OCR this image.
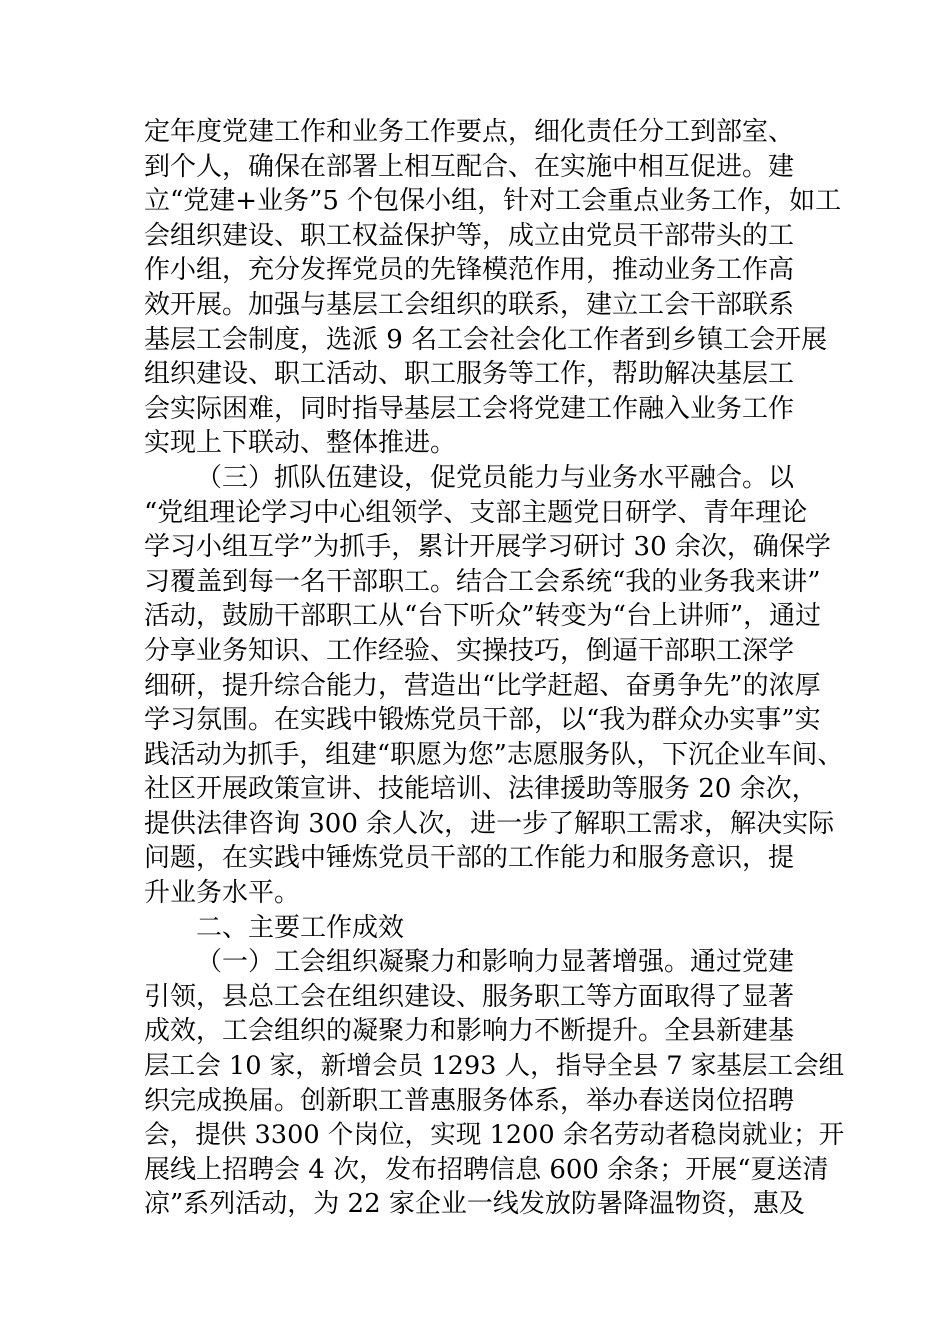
定年度党建工作和业务工作要点，细化责任分工到部室、
到个人，确保在部署上相互配合、在实施中相互促进。建
立“党建+业务”5 个包保小组，针对工会重点业务工作，如工
会组织建设、职工权益保护等，成立由党员干部带头的工
作小组，充分发挥党员的先锋模范作用，推动业务工作高
效开展。加强与基层工会组织的联系，建立工会干部联系
基层工会制度，选派 9 名工会社会化工作者到乡镇工会开展
组织建设、职工活动、职工服务等工作，帮助解决基层工
会实际困难，同时指导基层工会将党建工作融入业务工作
实现上下联动、整体推进。
（三）抓队伍建设，促党员能力与业务水平融合。以
“党组理论学习中心组领学、支部主题党日研学、青年理论
学习小组互学”为抓手，累计开展学习研讨 30 余次，确保学
习覆盖到每一名干部职工。结合工会系统“我的业务我来讲”
活动，鼓励干部职工从“台下听众”转变为“台上讲师”，通过
分享业务知识、工作经验、实操技巧，倒逼干部职工深学
细研，提升综合能力，营造出“比学赶超、奋勇争先”的浓厚
学习氛围。在实践中锻炼党员干部，以“我为群众办实事”实
践活动为抓手，组建“职愿为您”志愿服务队，下沉企业车间、
社区开展政策宣讲、技能培训、法律援助等服务 20 余次，
提供法律咨询 300 余人次，进一步了解职工需求，解决实际
问题，在实践中锤炼党员干部的工作能力和服务意识，提
升业务水平。
二、主要工作成效
（一）工会组织凝聚力和影响力显著增强。通过党建
引领，县总工会在组织建设、服务职工等方面取得了显著
成效，工会组织的凝聚力和影响力不断提升。全县新建基
层工会 10 家，新增会员 1293 人，指导全县 7 家基层工会组
织完成换届。创新职工普惠服务体系，举办春送岗位招聘
会，提供 3300 个岗位，实现 1200 余名劳动者稳岗就业；开
展线上招聘会 4 次，发布招聘信息 600 余条；开展“夏送清
凉”系列活动，为 22 家企业一线发放防暑降温物资，惠及
